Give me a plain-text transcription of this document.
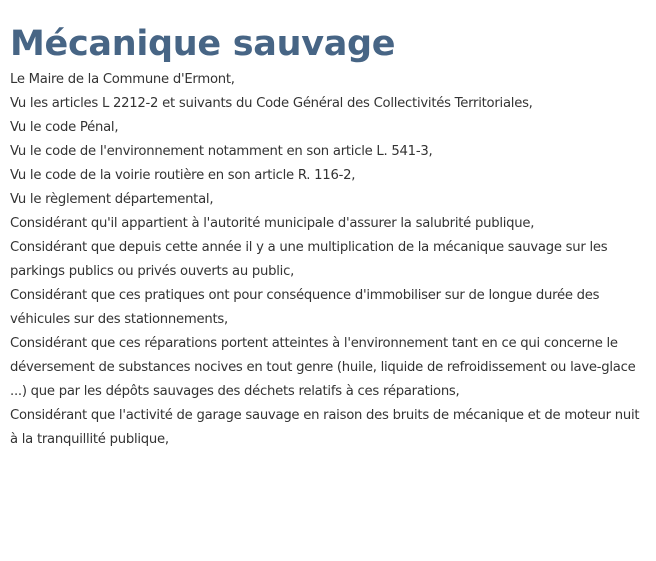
Mécanique sauvage

Le Maire de la Commune d'Ermont,

Vu les articles L 2212-2 et suivants du Code Général des Collectivités Territoriales,
Vu le code Pénal,
Vu le code de l'environnement notamment en son article L. 541-3,
Vu le code de la voirie routière en son article R. 116-2,
Vu le règlement départemental,

Considérant qu'il appartient à l'autorité municipale d'assurer la salubrité publique,

Considérant que depuis cette année il y a une multiplication de la mécanique sauvage sur les parkings publics ou privés ouverts au public,

Considérant que ces pratiques ont pour conséquence d'immobiliser sur de longue durée des véhicules sur des stationnements,

Considérant que ces réparations portent atteintes à l'environnement tant en ce qui concerne le déversement de substances nocives en tout genre (huile, liquide de refroidissement ou lave-glace ...) que par les dépôts sauvages des déchets relatifs à ces réparations,

Considérant que l'activité de garage sauvage en raison des bruits de mécanique et de moteur nuit à la tranquillité publique,
